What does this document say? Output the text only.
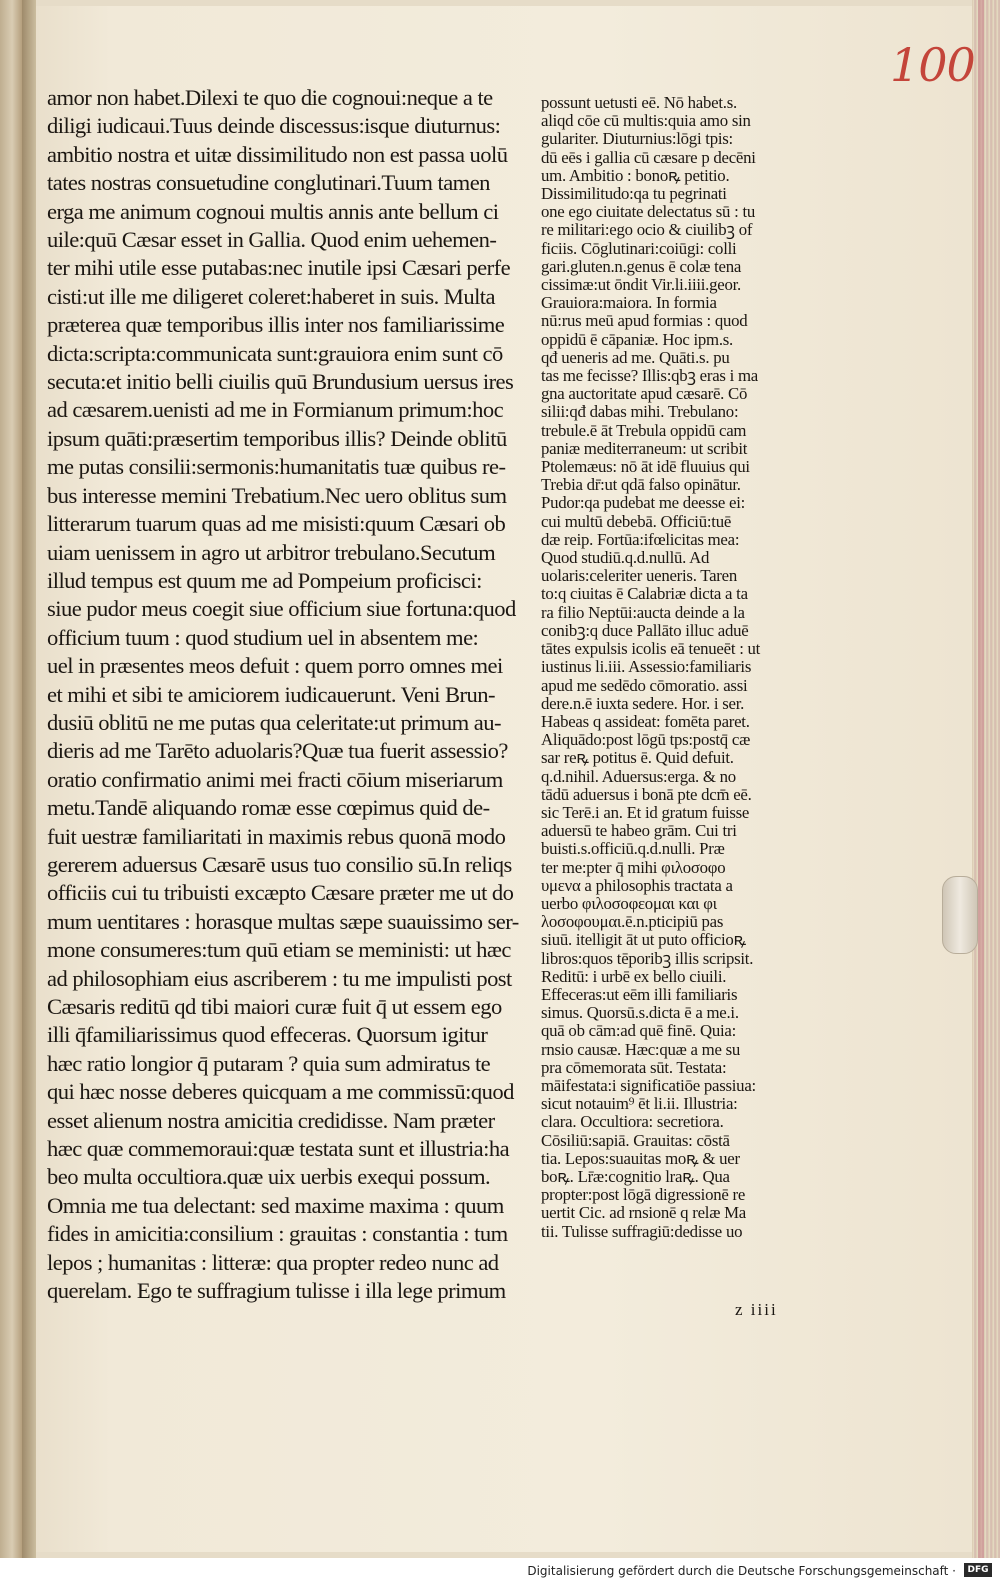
100
amor non habet.Dilexi te quo die cognoui:neque a te
diligi iudicaui.Tuus deinde discessus:isque diuturnus:
ambitio nostra et uitæ dissimilitudo non est passa uolū
tates nostras consuetudine conglutinari.Tuum tamen
erga me animum cognoui multis annis ante bellum ci
uile:quū Cæsar esset in Gallia. Quod enim uehemen-
ter mihi utile esse putabas:nec inutile ipsi Cæsari perfe
cisti:ut ille me diligeret coleret:haberet in suis. Multa
præterea quæ temporibus illis inter nos familiarissime
dicta:scripta:communicata sunt:grauiora enim sunt cō
secuta:et initio belli ciuilis quū Brundusium uersus ires
ad cæsarem.uenisti ad me in Formianum primum:hoc
ipsum quāti:præsertim temporibus illis? Deinde oblitū
me putas consilii:sermonis:humanitatis tuæ quibus re-
bus interesse memini Trebatium.Nec uero oblitus sum
litterarum tuarum quas ad me misisti:quum Cæsari ob
uiam uenissem in agro ut arbitror trebulano.Secutum
illud tempus est quum me ad Pompeium proficisci:
siue pudor meus coegit siue officium siue fortuna:quod
officium tuum : quod studium uel in absentem me:
uel in præsentes meos defuit : quem porro omnes mei
et mihi et sibi te amiciorem iudicauerunt. Veni Brun-
dusiū oblitū ne me putas qua celeritate:ut primum au-
dieris ad me Tarēto aduolaris?Quæ tua fuerit assessio?
oratio confirmatio animi mei fracti cōium miseriarum
metu.Tandē aliquando romæ esse cœpimus quid de-
fuit uestræ familiaritati in maximis rebus quonā modo
gererem aduersus Cæsarē usus tuo consilio sū.In reliqs
officiis cui tu tribuisti excæpto Cæsare præter me ut do
mum uentitares : horasque multas sæpe suauissimo ser-
mone consumeres:tum quū etiam se meministi: ut hæc
ad philosophiam eius ascriberem : tu me impulisti post
Cæsaris reditū qd tibi maiori curæ fuit q̄ ut essem ego
illi q̄familiarissimus quod effeceras. Quorsum igitur
hæc ratio longior q̄ putaram ? quia sum admiratus te
qui hæc nosse deberes quicquam a me commissū:quod
esset alienum nostra amicitia credidisse. Nam præter
hæc quæ commemoraui:quæ testata sunt et illustria:ha
beo multa occultiora.quæ uix uerbis exequi possum.
Omnia me tua delectant: sed maxime maxima : quum
fides in amicitia:consilium : grauitas : constantia : tum
lepos ; humanitas : litteræ: qua propter redeo nunc ad
querelam. Ego te suffragium tulisse i illa lege primum
possunt uetusti eē. Nō habet.s.
aliqd cōe cū multis:quia amo sin
gulariter. Diuturnius:lōgi tpis:
dū eēs i gallia cū cæsare p decēni
um. Ambitio : bonoꝶ petitio.
Dissimilitudo:qa tu pegrinati
one ego ciuitate delectatus sū : tu
re militari:ego ocio & ciuilibꝫ of
ficiis. Cōglutinari:coiūgi: colli
gari.gluten.n.genus ē colæ tena
cissimæ:ut ōndit Vir.li.iiii.geor.
Grauiora:maiora. In formia
nū:rus meū apud formias : quod
oppidū ē cāpaniæ. Hoc ipm.s.
qđ ueneris ad me. Quāti.s. pu
tas me fecisse? Illis:qbꝫ eras i ma
gna auctoritate apud cæsarē. Cō
silii:qđ dabas mihi. Trebulano:
trebule.ē āt Trebula oppidū cam
paniæ mediterraneum: ut scribit
Ptolemæus: nō āt idē fluuius qui
Trebia dr̄:ut qdā falso opinātur.
Pudor:qa pudebat me deesse ei:
cui multū debebā. Officiū:tuē
dæ reip. Fortūa:ifœlicitas mea:
Quod studiū.q.d.nullū. Ad
uolaris:celeriter ueneris. Taren
to:q ciuitas ē Calabriæ dicta a ta
ra filio Neptūi:aucta deinde a la
conibꝫ:q duce Pallāto illuc aduē
tātes expulsis icolis eā tenueēt : ut
iustinus li.iii. Assessio:familiaris
apud me sedēdo cōmoratio. assi
dere.n.ē iuxta sedere. Hor. i ser.
Habeas q assideat: fomēta paret.
Aliquādo:post lōgū tps:postq̄ cæ
sar reꝶ potitus ē. Quid defuit.
q.d.nihil. Aduersus:erga. & no
tādū aduersus i bonā pte dcm̄ eē.
sic Terē.i an. Et id gratum fuisse
aduersū te habeo grām. Cui tri
buisti.s.officiū.q.d.nulli. Præ
ter me:pter q̄ mihi φιλοσοφο
υμενα a philosophis tractata a
uerbo φιλοσοφεομαι και φι
λοσοφουμαι.ē.n.pticipiū pas
siuū. itelligit āt ut puto officioꝶ
libros:quos tēporibꝫ illis scripsit.
Reditū: i urbē ex bello ciuili.
Effeceras:ut eēm illi familiaris
simus. Quorsū.s.dicta ē a me.i.
quā ob cām:ad quē finē. Quia:
rnsio causæ. Hæc:quæ a me su
pra cōmemorata sūt. Testata:
māifestata:i significatiōe passiua:
sicut notauim⁹ ēt li.ii. Illustria:
clara. Occultiora: secretiora.
Cōsiliū:sapiā. Grauitas: cōstā
tia. Lepos:suauitas moꝶ & uer
boꝶ. Lr̄æ:cognitio lraꝶ. Qua
propter:post lōgā digressionē re
uertit Cic. ad rnsionē q relæ Ma
tii. Tulisse suffragiū:dedisse uo
z iiii
Digitalisierung gefördert durch die Deutsche Forschungsgemeinschaft ·	DFG
